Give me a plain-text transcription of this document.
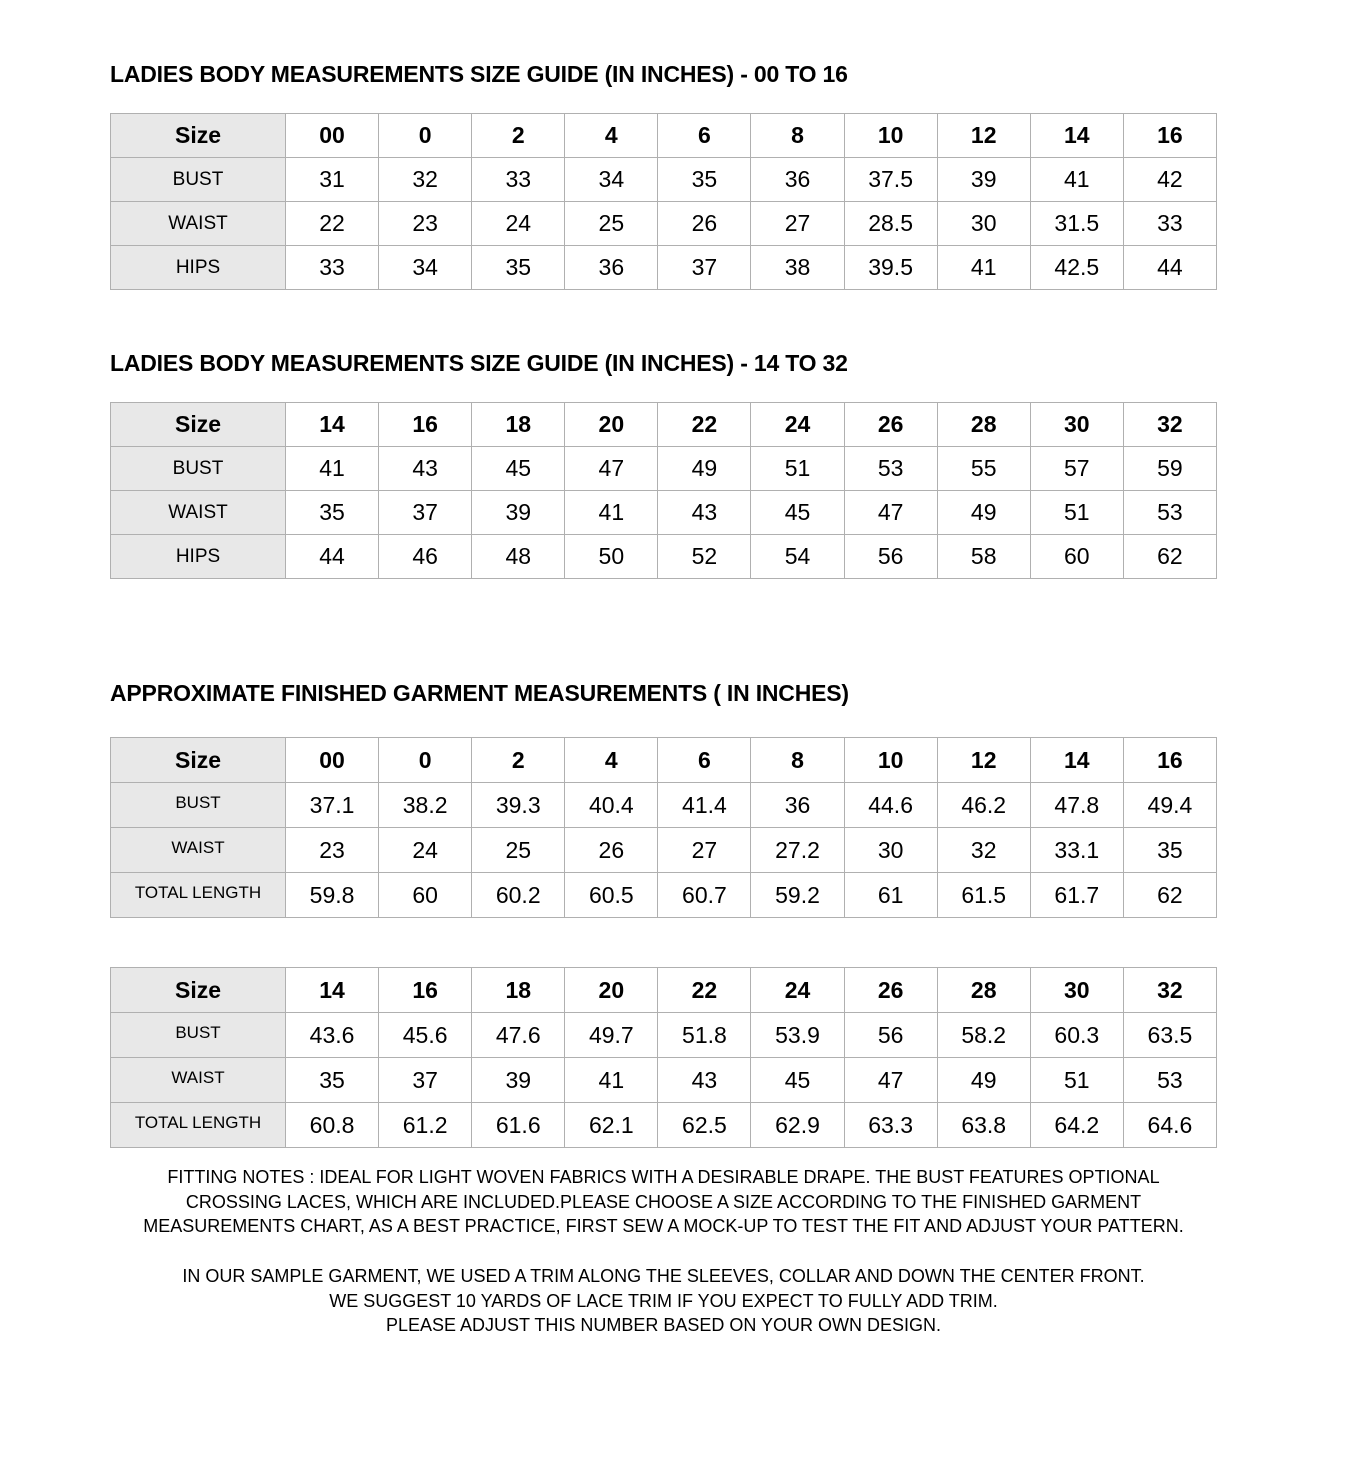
LADIES BODY MEASUREMENTS SIZE GUIDE (IN INCHES) - 00 TO 16
Size	00	0	2	4	6	8	10	12	14	16
BUST	31	32	33	34	35	36	37.5	39	41	42
WAIST	22	23	24	25	26	27	28.5	30	31.5	33
HIPS	33	34	35	36	37	38	39.5	41	42.5	44
LADIES BODY MEASUREMENTS SIZE GUIDE (IN INCHES) - 14 TO 32
Size	14	16	18	20	22	24	26	28	30	32
BUST	41	43	45	47	49	51	53	55	57	59
WAIST	35	37	39	41	43	45	47	49	51	53
HIPS	44	46	48	50	52	54	56	58	60	62
APPROXIMATE FINISHED GARMENT MEASUREMENTS ( IN INCHES)
Size	00	0	2	4	6	8	10	12	14	16
BUST	37.1	38.2	39.3	40.4	41.4	36	44.6	46.2	47.8	49.4
WAIST	23	24	25	26	27	27.2	30	32	33.1	35
TOTAL LENGTH	59.8	60	60.2	60.5	60.7	59.2	61	61.5	61.7	62
Size	14	16	18	20	22	24	26	28	30	32
BUST	43.6	45.6	47.6	49.7	51.8	53.9	56	58.2	60.3	63.5
WAIST	35	37	39	41	43	45	47	49	51	53
TOTAL LENGTH	60.8	61.2	61.6	62.1	62.5	62.9	63.3	63.8	64.2	64.6

FITTING NOTES : IDEAL FOR LIGHT WOVEN FABRICS WITH A DESIRABLE DRAPE. THE BUST FEATURES OPTIONAL
CROSSING LACES, WHICH ARE INCLUDED.PLEASE CHOOSE A SIZE ACCORDING TO THE FINISHED GARMENT
MEASUREMENTS CHART, AS A BEST PRACTICE, FIRST SEW A MOCK-UP TO TEST THE FIT AND ADJUST YOUR PATTERN.

IN OUR SAMPLE GARMENT, WE USED A TRIM ALONG THE SLEEVES, COLLAR AND DOWN THE CENTER FRONT.
WE SUGGEST 10 YARDS OF LACE TRIM IF YOU EXPECT TO FULLY ADD TRIM.
PLEASE ADJUST THIS NUMBER BASED ON YOUR OWN DESIGN.
